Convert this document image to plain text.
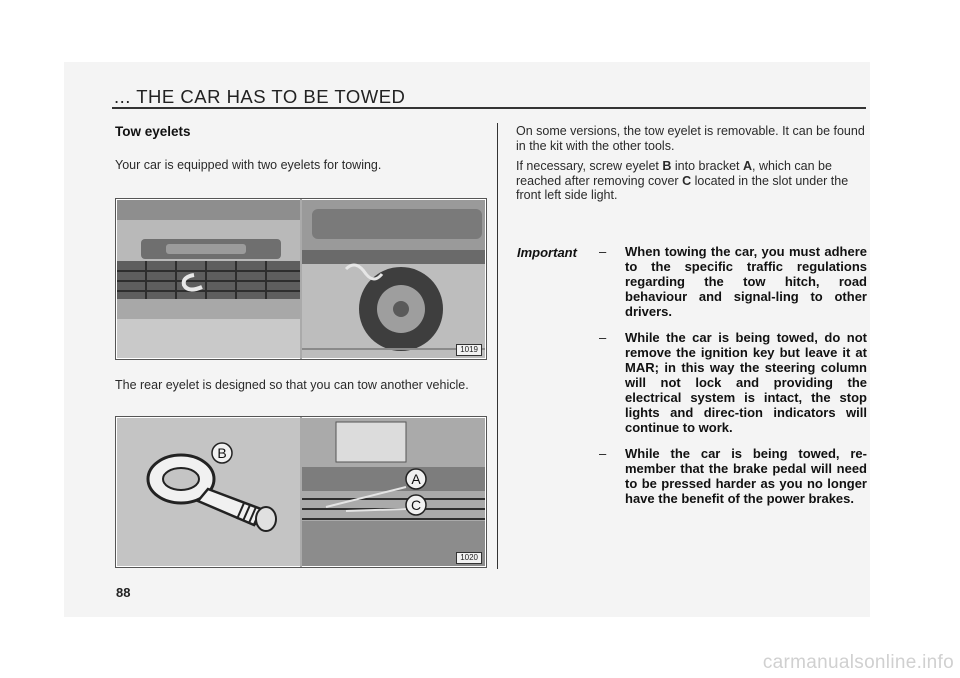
... THE CAR HAS TO BE TOWED
Tow eyelets
Your car is equipped with two eyelets for towing.
1019
The rear eyelet is designed so that you can tow another vehicle.
B
A
C
1020
88
On some versions, the tow eyelet is removable. It can be found in the kit with the other tools.
If necessary, screw eyelet B into bracket A, which can be reached after removing cover C located in the slot under the front left side light.
Important – When towing the car, you must adhere to the specific traffic regulations regarding the tow hitch, road behaviour and signal-ling to other drivers.
– While the car is being towed, do not remove the ignition key but leave it at MAR; in this way the steering column will not lock and providing the electrical system is intact, the stop lights and direc-tion indicators will continue to work.
– While the car is being towed, re-member that the brake pedal will need to be pressed harder as you no longer have the benefit of the power brakes.
carmanualsonline.info
